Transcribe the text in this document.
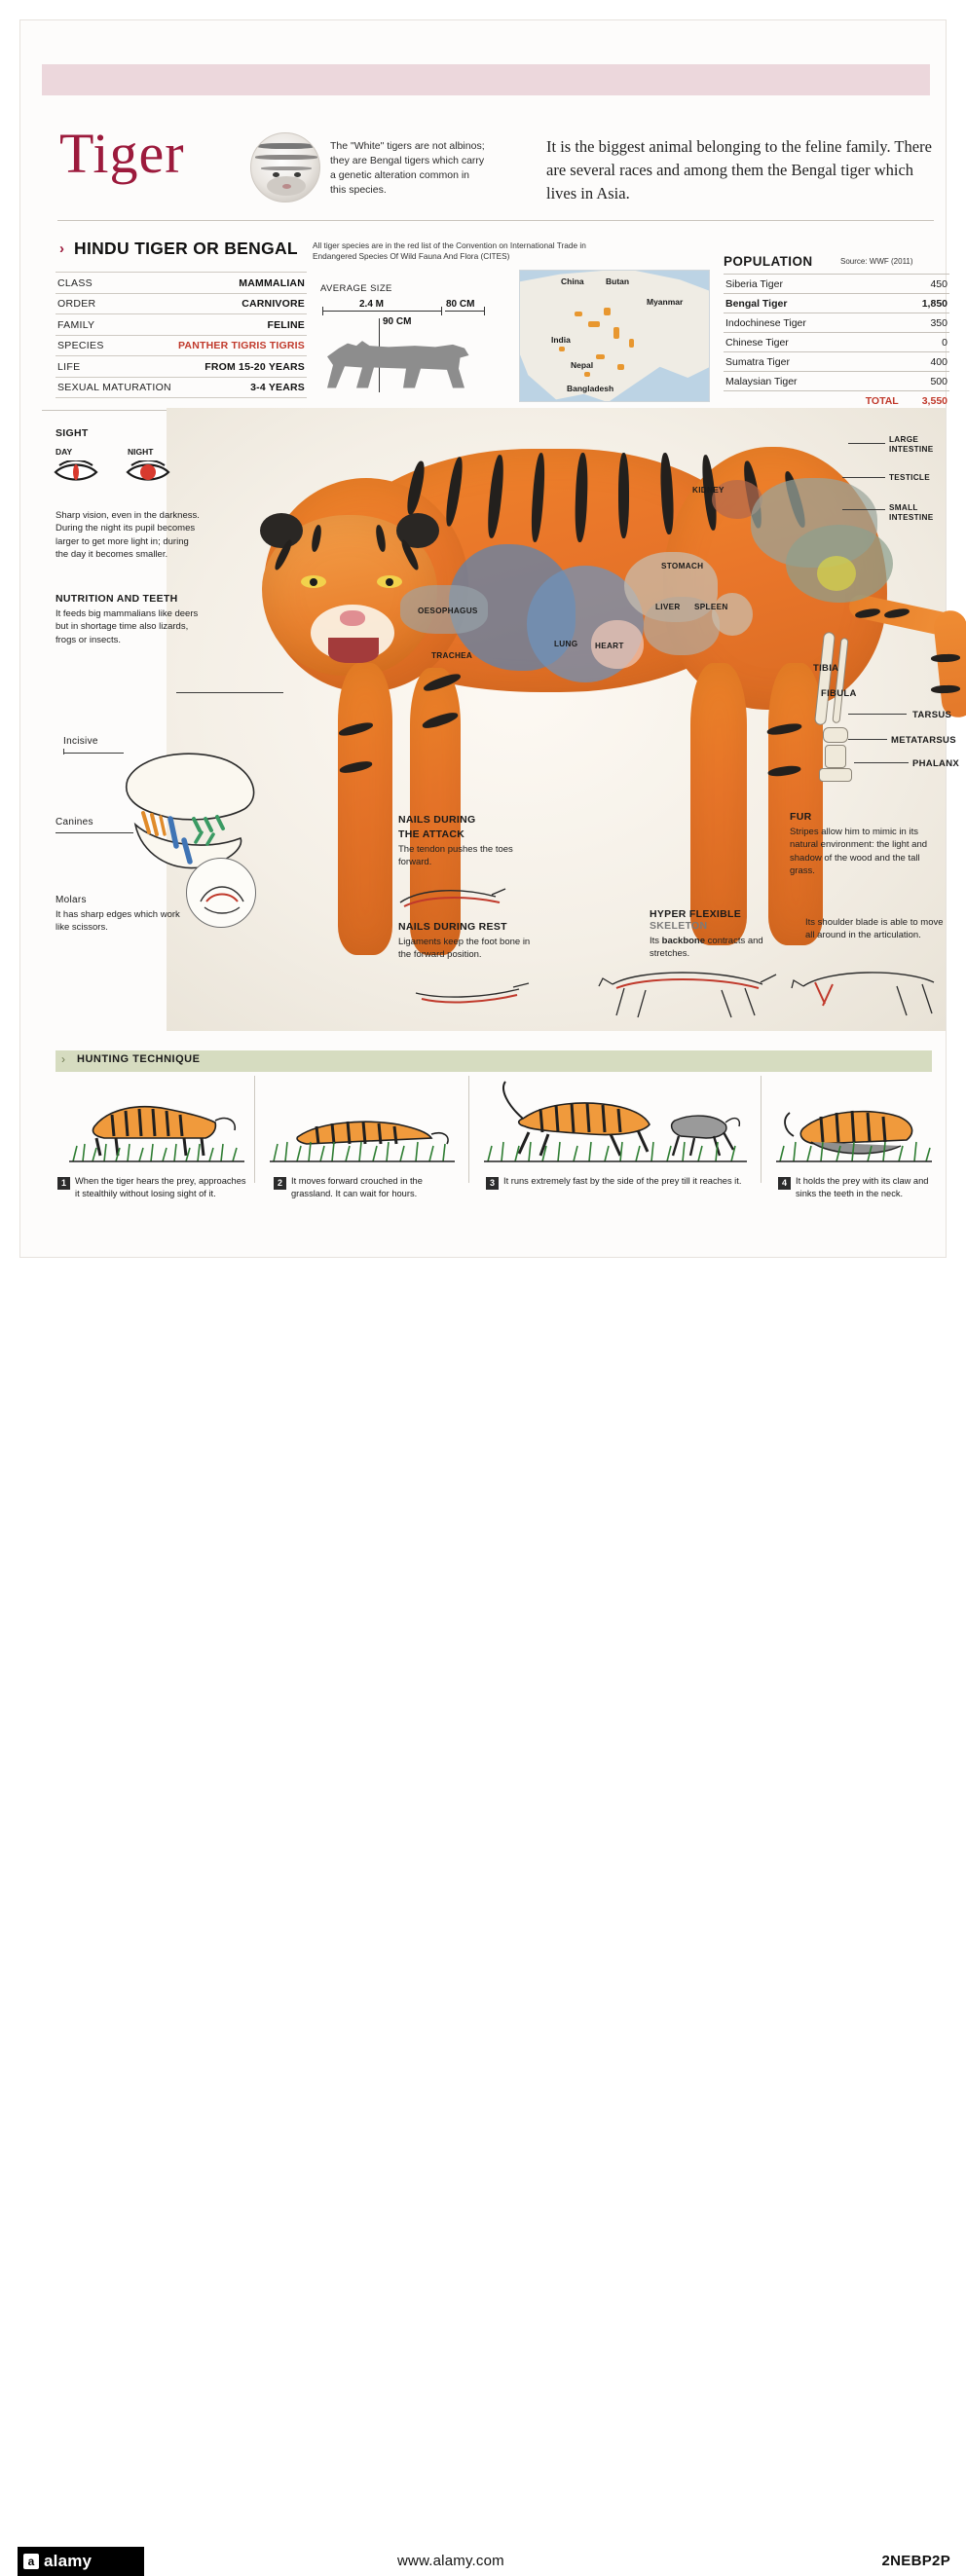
Tiger	The "White" tigers are not albinos; they are Bengal tigers which carry a genetic alteration common in this species.
It is the biggest animal belonging to the feline family. There are several races and among them the Bengal tiger which lives in Asia.
› HINDU TIGER OR BENGAL All tiger species are in the red list of the Convention on International Trade in Endangered Species Of Wild Fauna And Flora (CITES)
CLASS	MAMMALIAN
ORDER	CARNIVORE
FAMILY	FELINE
SPECIES	PANTHER TIGRIS TIGRIS
LIFE	FROM 15-20 YEARS
SEXUAL MATURATION	3-4 YEARS
AVERAGE SIZE
2.4 M	80 CM
90 CM
China	Butan
Myanmar
India
Nepal
Bangladesh
POPULATION	Source: WWF (2011)
Siberia Tiger	450
Bengal Tiger	1,850
Indochinese Tiger	350
Chinese Tiger	0
Sumatra Tiger	400
Malaysian Tiger	500
TOTAL	3,550
KIDNEY
STOMACH
LIVER SPLEEN
OESOPHAGUS
TRACHEA
LUNG HEART
LARGE
INTESTINE
TESTICLE
SMALL
INTESTINE
TIBIA
FIBULA
TARSUS
METATARSUS
PHALANX
SIGHT
DAY	NIGHT

Sharp vision, even in the darkness. During the night its pupil becomes larger to get more light in; during the day it becomes smaller.

NUTRITION AND TEETH

It feeds big mammalians like deers but in shortage time also lizards, frogs or insects.

Incisive
Canines
Molars

It has sharp edges which work like scissors.

NAILS DURING
THE ATTACK

The tendon pushes the toes forward.

NAILS DURING REST

Ligaments keep the foot bone in the forward position.

FUR

Stripes allow him to mimic in its natural environment: the light and shadow of the wood and the tall grass.

HYPER FLEXIBLE SKELETON

Its backbone contracts and stretches.

Its shoulder blade is able to move all around in the articulation.

› HUNTING TECHNIQUE
1 When the tiger hears the prey, approaches it stealthily without losing sight of it.
2 It moves forward crouched in the grassland. It can wait for hours.
3 It runs extremely fast by the side of the prey till it reaches it.	4 It holds the prey with its claw and sinks the teeth in the neck.
a alamy	www.alamy.com	2NEBP2P
